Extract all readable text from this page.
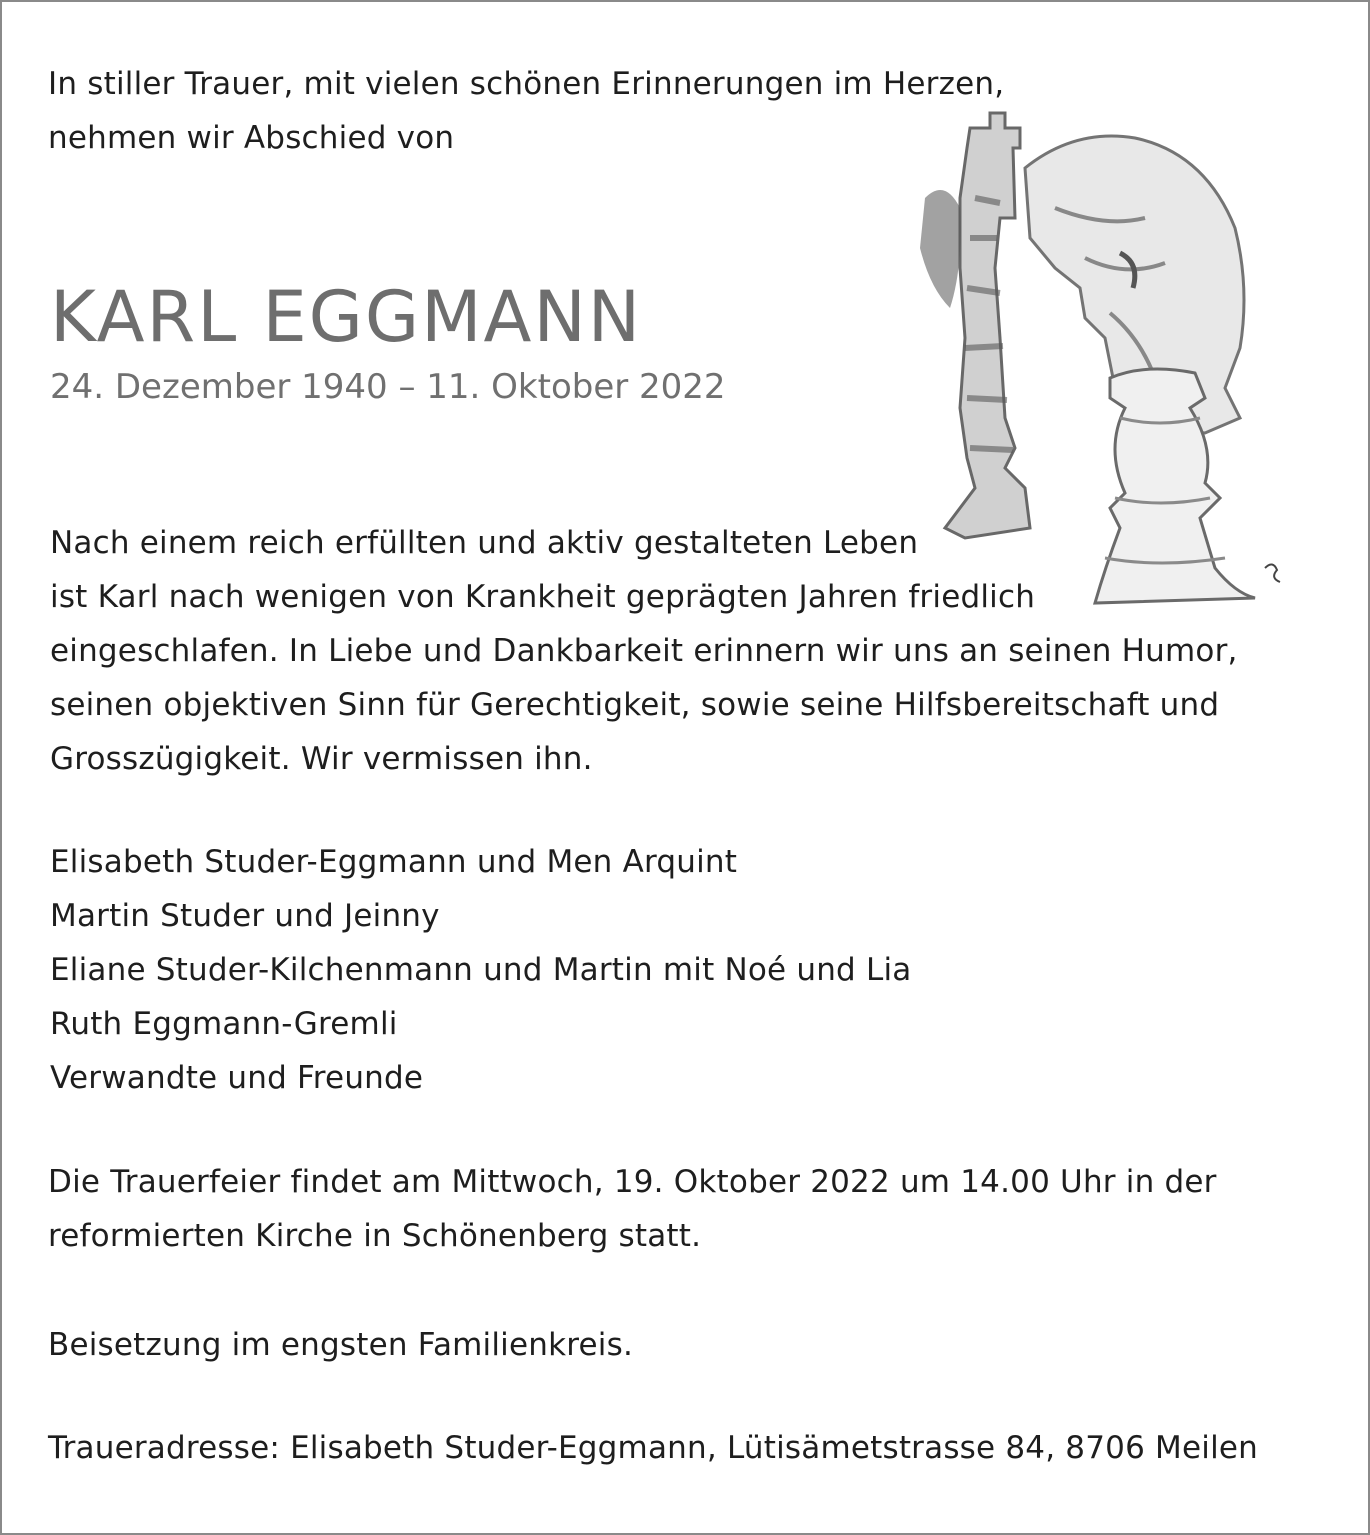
In stiller Trauer, mit vielen schönen Erinnerungen im Herzen,
nehmen wir Abschied von
KARL EGGMANN
24. Dezember 1940 – 11. Oktober 2022
Nach einem reich erfüllten und aktiv gestalteten Leben
ist Karl nach wenigen von Krankheit geprägten Jahren friedlich
eingeschlafen. In Liebe und Dankbarkeit erinnern wir uns an seinen Humor,
seinen objektiven Sinn für Gerechtigkeit, sowie seine Hilfsbereitschaft und
Grosszügigkeit. Wir vermissen ihn.
Elisabeth Studer-Eggmann und Men Arquint
Martin Studer und Jeinny
Eliane Studer-Kilchenmann und Martin mit Noé und Lia
Ruth Eggmann-Gremli
Verwandte und Freunde
Die Trauerfeier findet am Mittwoch, 19. Oktober 2022 um 14.00 Uhr in der
reformierten Kirche in Schönenberg statt.
Beisetzung im engsten Familienkreis.
Traueradresse: Elisabeth Studer-Eggmann, Lütisämetstrasse 84, 8706 Meilen
